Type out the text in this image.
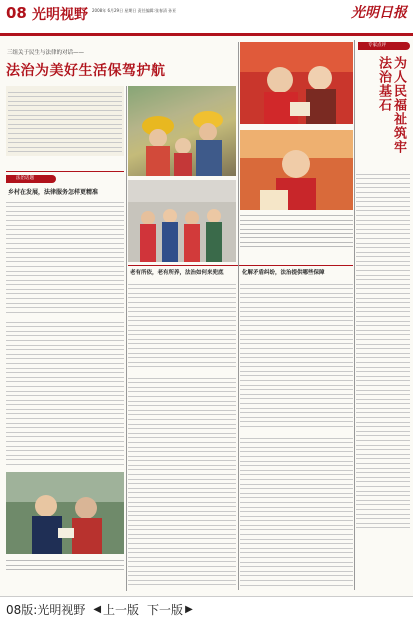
08 光明视野 2008年 6月29日 星期日 责任编辑:张春清 孙亚	光明日报
三组关于民生与法律的对话——
法治为美好生活保驾护航
专家点评
为人民福祉筑牢法治基石
法治话题
乡村在发展，法律服务怎样更精准
老有所依，老有所养，法治如何来兜底	化解矛盾纠纷，法治提供哪些保障
08版:光明视野 ◀ 上一版 下一版 ▶
